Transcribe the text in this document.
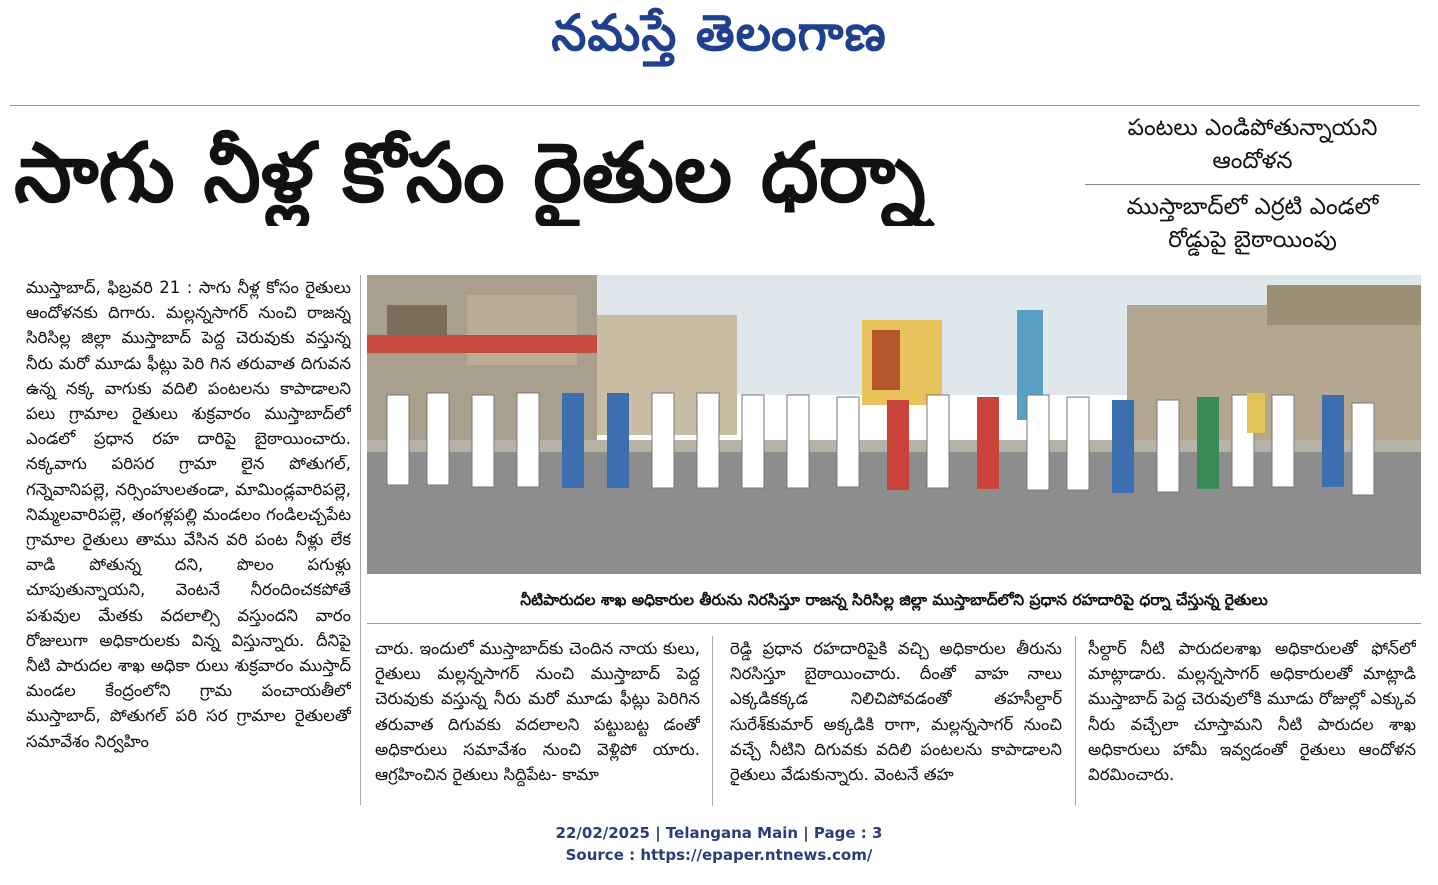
నమస్తే తెలంగాణ
సాగు నీళ్ల కోసం రైతుల ధర్నా	పంటలు ఎండిపోతున్నాయని
ఆందోళన
ముస్తాబాద్‌లో ఎర్రటి ఎండలో
రోడ్డుపై బైఠాయింపు
ముస్తాబాద్, ఫిబ్రవరి 21 : సాగు నీళ్ల కోసం రైతులు ఆందోళనకు దిగారు. మల్లన్నసాగర్ నుంచి రాజన్న సిరిసిల్ల జిల్లా ముస్తాబాద్ పెద్ద చెరువుకు వస్తున్న నీరు మరో మూడు ఫీట్లు పెరి గిన తరువాత దిగువన ఉన్న నక్క వాగుకు వదిలి పంటలను కాపాడాలని పలు గ్రామాల రైతులు శుక్రవారం ముస్తాబాద్‌లో ఎండలో ప్రధాన రహ దారిపై బైఠాయించారు. నక్కవాగు పరిసర గ్రామా లైన పోతుగల్, గన్నెవానిపల్లె, నర్సింహులతండా, మామిండ్లవారిపల్లె, నిమ్మలవారిపల్లె, తంగళ్లపల్లి మండలం గండిలచ్చపేట గ్రామాల రైతులు తాము వేసిన వరి పంట నీళ్లు లేక వాడి పోతున్న దని, పొలం పగుళ్లు చూపుతున్నాయని, వెంటనే నీరందించకపోతే పశువుల మేతకు వదలాల్సి వస్తుందని వారం రోజులుగా అధికారులకు విన్న విస్తున్నారు. దీనిపై నీటి పారుదల శాఖ అధికా రులు శుక్రవారం ముస్తాద్ మండల కేంద్రంలోని గ్రామ పంచాయతీలో ముస్తాబాద్, పోతుగల్ పరి సర గ్రామాల రైతులతో సమావేశం నిర్వహిం
నీటిపారుదల శాఖ అధికారుల తీరును నిరసిస్తూ రాజన్న సిరిసిల్ల జిల్లా ముస్తాబాద్‌లోని ప్రధాన రహదారిపై ధర్నా చేస్తున్న రైతులు
చారు. ఇందులో ముస్తాబాద్‌కు చెందిన నాయ కులు, రైతులు మల్లన్నసాగర్ నుంచి ముస్తాబాద్ పెద్ద చెరువుకు వస్తున్న నీరు మరో మూడు ఫీట్లు పెరిగిన తరువాత దిగువకు వదలాలని పట్టుబట్ట డంతో అధికారులు సమావేశం నుంచి వెళ్లిపో యారు. ఆగ్రహించిన రైతులు సిద్దిపేట- కామా
రెడ్డి ప్రధాన రహదారిపైకి వచ్చి అధికారుల తీరును నిరసిస్తూ బైఠాయించారు. దీంతో వాహ నాలు ఎక్కడికక్కడ నిలిచిపోవడంతో తహసీల్దార్ సురేశ్‌కుమార్ అక్కడికి రాగా, మల్లన్నసాగర్ నుంచి వచ్చే నీటిని దిగువకు వదిలి పంటలను కాపాడాలని రైతులు వేడుకున్నారు. వెంటనే తహ
సీల్దార్ నీటి పారుదలశాఖ అధికారులతో ఫోన్‌లో మాట్లాడారు. మల్లన్నసాగర్ అధికారులతో మాట్లాడి ముస్తాబాద్ పెద్ద చెరువులోకి మూడు రోజుల్లో ఎక్కువ నీరు వచ్చేలా చూస్తామని నీటి పారుదల శాఖ అధికారులు హామీ ఇవ్వడంతో రైతులు ఆందోళన విరమించారు.
22/02/2025 | Telangana Main | Page : 3
Source : https://epaper.ntnews.com/
